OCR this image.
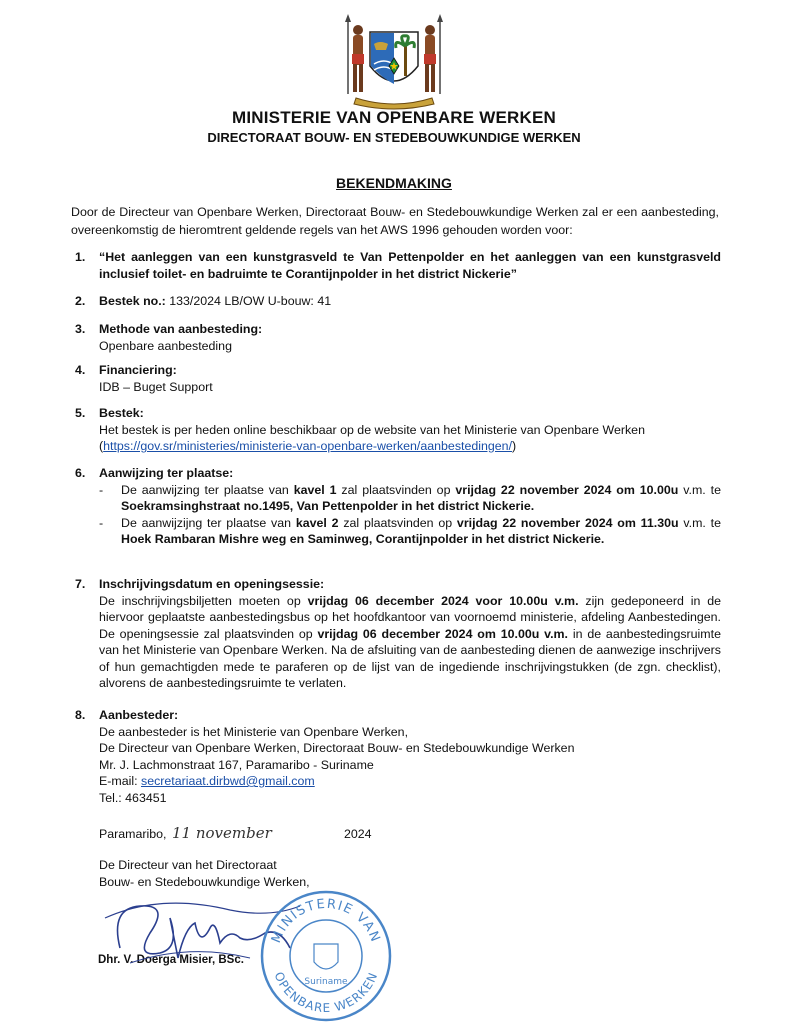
MINISTERIE VAN OPENBARE WERKEN
DIRECTORAAT BOUW- EN STEDEBOUWKUNDIGE WERKEN
BEKENDMAKING
Door de Directeur van Openbare Werken, Directoraat Bouw- en Stedebouwkundige Werken zal er een aanbesteding, overeenkomstig de hieromtrent geldende regels van het AWS 1996 gehouden worden voor:
1.	“Het aanleggen van een kunstgrasveld te Van Pettenpolder en het aanleggen van een kunstgrasveld inclusief toilet- en badruimte te Corantijnpolder in het district Nickerie”
2.	Bestek no.: 133/2024 LB/OW U-bouw: 41
3.	Methode van aanbesteding:
Openbare aanbesteding
4.	Financiering:
IDB – Buget Support
5.	Bestek:
Het bestek is per heden online beschikbaar op de website van het Ministerie van Openbare Werken
(https://gov.sr/ministeries/ministerie-van-openbare-werken/aanbestedingen/)
6.	Aanwijzing ter plaatse:
- De aanwijzing ter plaatse van kavel 1 zal plaatsvinden op vrijdag 22 november 2024 om 10.00u v.m. te Soekramsinghstraat no.1495, Van Pettenpolder in het district Nickerie.
- De aanwijzijng ter plaatse van kavel 2 zal plaatsvinden op vrijdag 22 november 2024 om 11.30u v.m. te Hoek Rambaran Mishre weg en Saminweg, Corantijnpolder in het district Nickerie.
7.	Inschrijvingsdatum en openingsessie:
De inschrijvingsbiljetten moeten op vrijdag 06 december 2024 voor 10.00u v.m. zijn gedeponeerd in de hiervoor geplaatste aanbestedingsbus op het hoofdkantoor van voornoemd ministerie, afdeling Aanbestedingen. De openingsessie zal plaatsvinden op vrijdag 06 december 2024 om 10.00u v.m. in de aanbestedingsruimte van het Ministerie van Openbare Werken. Na de afsluiting van de aanbesteding dienen de aanwezige inschrijvers of hun gemachtigden mede te paraferen op de lijst van de ingediende inschrijvingstukken (de zgn. checklist), alvorens de aanbestedingsruimte te verlaten.
8.	Aanbesteder:
De aanbesteder is het Ministerie van Openbare Werken,
De Directeur van Openbare Werken, Directoraat Bouw- en Stedebouwkundige Werken
Mr. J. Lachmonstraat 167, Paramaribo - Suriname
E-mail: secretariaat.dirbwd@gmail.com
Tel.: 463451
Paramaribo, 11 november	2024
De Directeur van het Directoraat
Bouw- en Stedebouwkundige Werken,
Dhr. V. Doerga Misier, BSc.
MINISTERIE VAN
OPENBARE WERKEN
Suriname
